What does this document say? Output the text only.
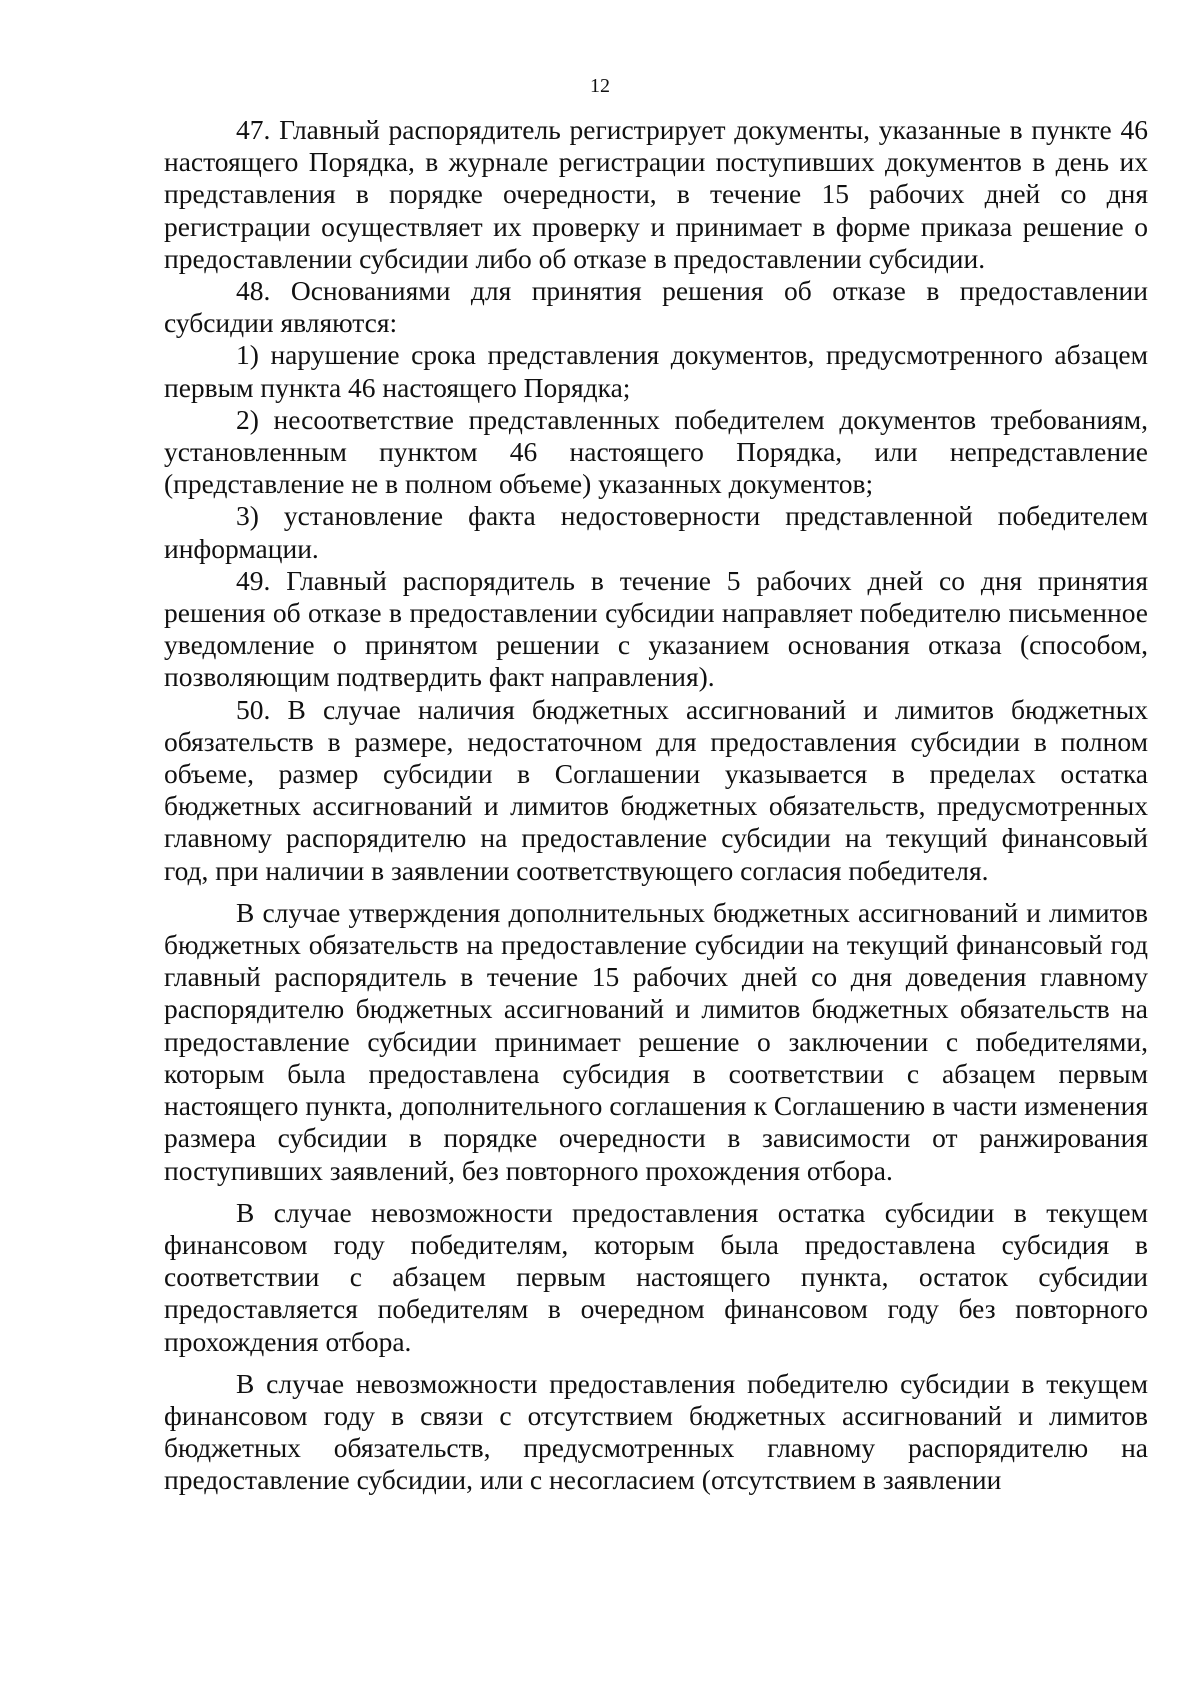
12

47. Главный распорядитель регистрирует документы, указанные в пункте 46 настоящего Порядка, в журнале регистрации поступивших документов в день их представления в порядке очередности, в течение 15 рабочих дней со дня регистрации осуществляет их проверку и принимает в форме приказа решение о предоставлении субсидии либо об отказе в предоставлении субсидии.

48. Основаниями для принятия решения об отказе в предоставлении субсидии являются:

1) нарушение срока представления документов, предусмотренного абзацем первым пункта 46 настоящего Порядка;

2) несоответствие представленных победителем документов требованиям, установленным пунктом 46 настоящего Порядка, или непредставление (представление не в полном объеме) указанных документов;

3) установление факта недостоверности представленной победителем информации.

49. Главный распорядитель в течение 5 рабочих дней со дня принятия решения об отказе в предоставлении субсидии направляет победителю письменное уведомление о принятом решении с указанием основания отказа (способом, позволяющим подтвердить факт направления).

50. В случае наличия бюджетных ассигнований и лимитов бюджетных обязательств в размере, недостаточном для предоставления субсидии в полном объеме, размер субсидии в Соглашении указывается в пределах остатка бюджетных ассигнований и лимитов бюджетных обязательств, предусмотренных главному распорядителю на предоставление субсидии на текущий финансовый год, при наличии в заявлении соответствующего согласия победителя.

В случае утверждения дополнительных бюджетных ассигнований и лимитов бюджетных обязательств на предоставление субсидии на текущий финансовый год главный распорядитель в течение 15 рабочих дней со дня доведения главному распорядителю бюджетных ассигнований и лимитов бюджетных обязательств на предоставление субсидии принимает решение о заключении с победителями, которым была предоставлена субсидия в соответствии с абзацем первым настоящего пункта, дополнительного соглашения к Соглашению в части изменения размера субсидии в порядке очередности в зависимости от ранжирования поступивших заявлений, без повторного прохождения отбора.

В случае невозможности предоставления остатка субсидии в текущем финансовом году победителям, которым была предоставлена субсидия в соответствии с абзацем первым настоящего пункта, остаток субсидии предоставляется победителям в очередном финансовом году без повторного прохождения отбора.

В случае невозможности предоставления победителю субсидии в текущем финансовом году в связи с отсутствием бюджетных ассигнований и лимитов бюджетных обязательств, предусмотренных главному распорядителю на предоставление субсидии, или с несогласием (отсутствием в заявлении
